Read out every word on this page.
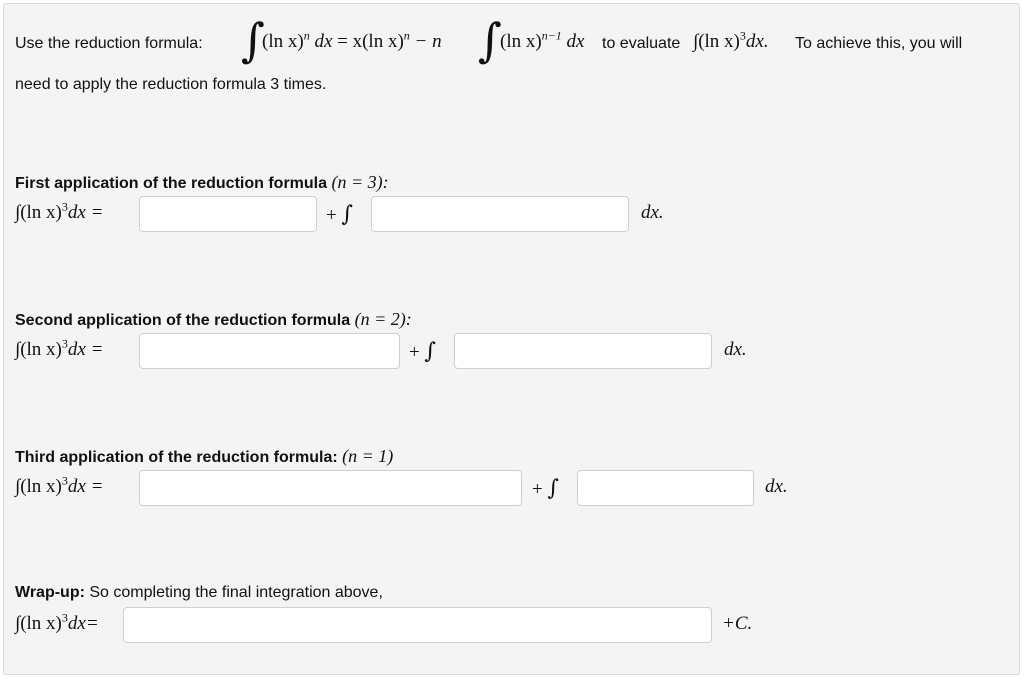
Use the reduction formula: ∫
(ln x)$^n$ dx = x(ln x)$^n$ − n ∫
(ln x)$^{n-1}$ dx to evaluate ∫(ln x)$^3$dx. To achieve this, you will
need to apply the reduction formula 3 times.
First application of the reduction formula (n = 3):
∫(ln x)$^3$dx =	+ ∫	dx.
Second application of the reduction formula (n = 2):
∫(ln x)$^3$dx =	+ ∫	dx.
Third application of the reduction formula: (n = 1)
∫(ln x)$^3$dx =	+ ∫	dx.
Wrap-up: So completing the final integration above,
∫(ln x)$^3$dx=	+C.
